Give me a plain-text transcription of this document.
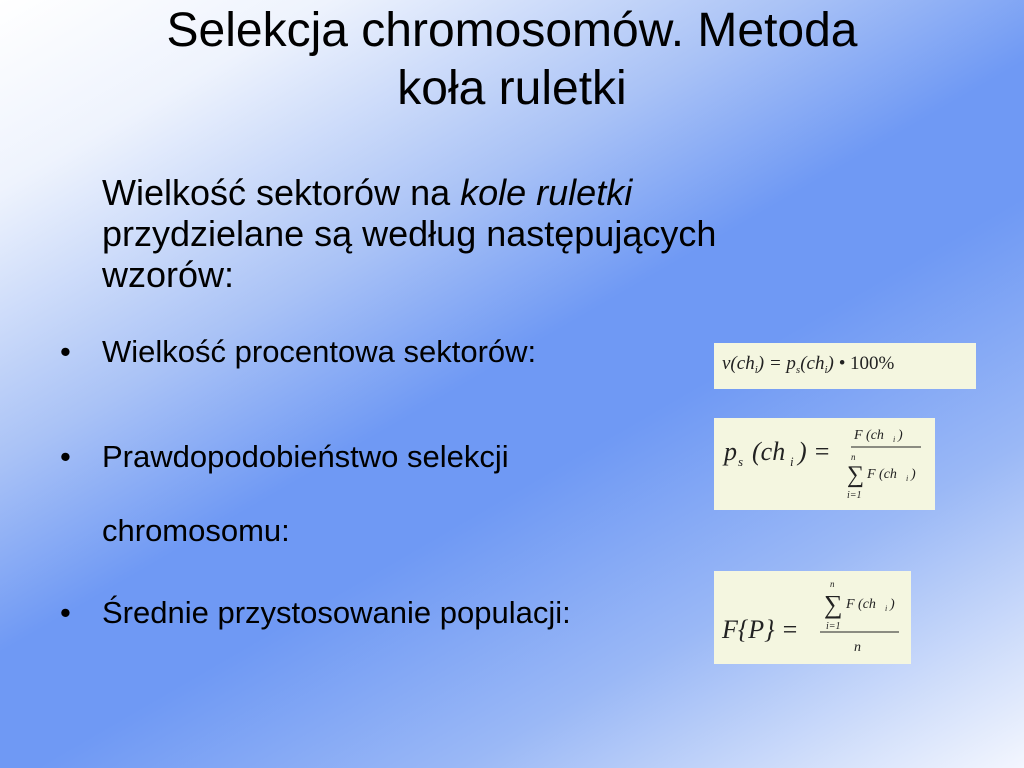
Selekcja chromosomów. Metoda
koła ruletki
Wielkość sektorów na kole ruletki
przydzielane są według następujących
wzorów:
• Wielkość procentowa sektorów:
• Prawdopodobieństwo selekcji
chromosomu:
• Średnie przystosowanie populacji:
$v(ch_i) = p_s(ch_i)$ • 100%
p s (ch i ) =
F (ch i )
n
∑
i=1
F (ch i )
F{P} =
n
∑
i=1
F (ch i )
n
